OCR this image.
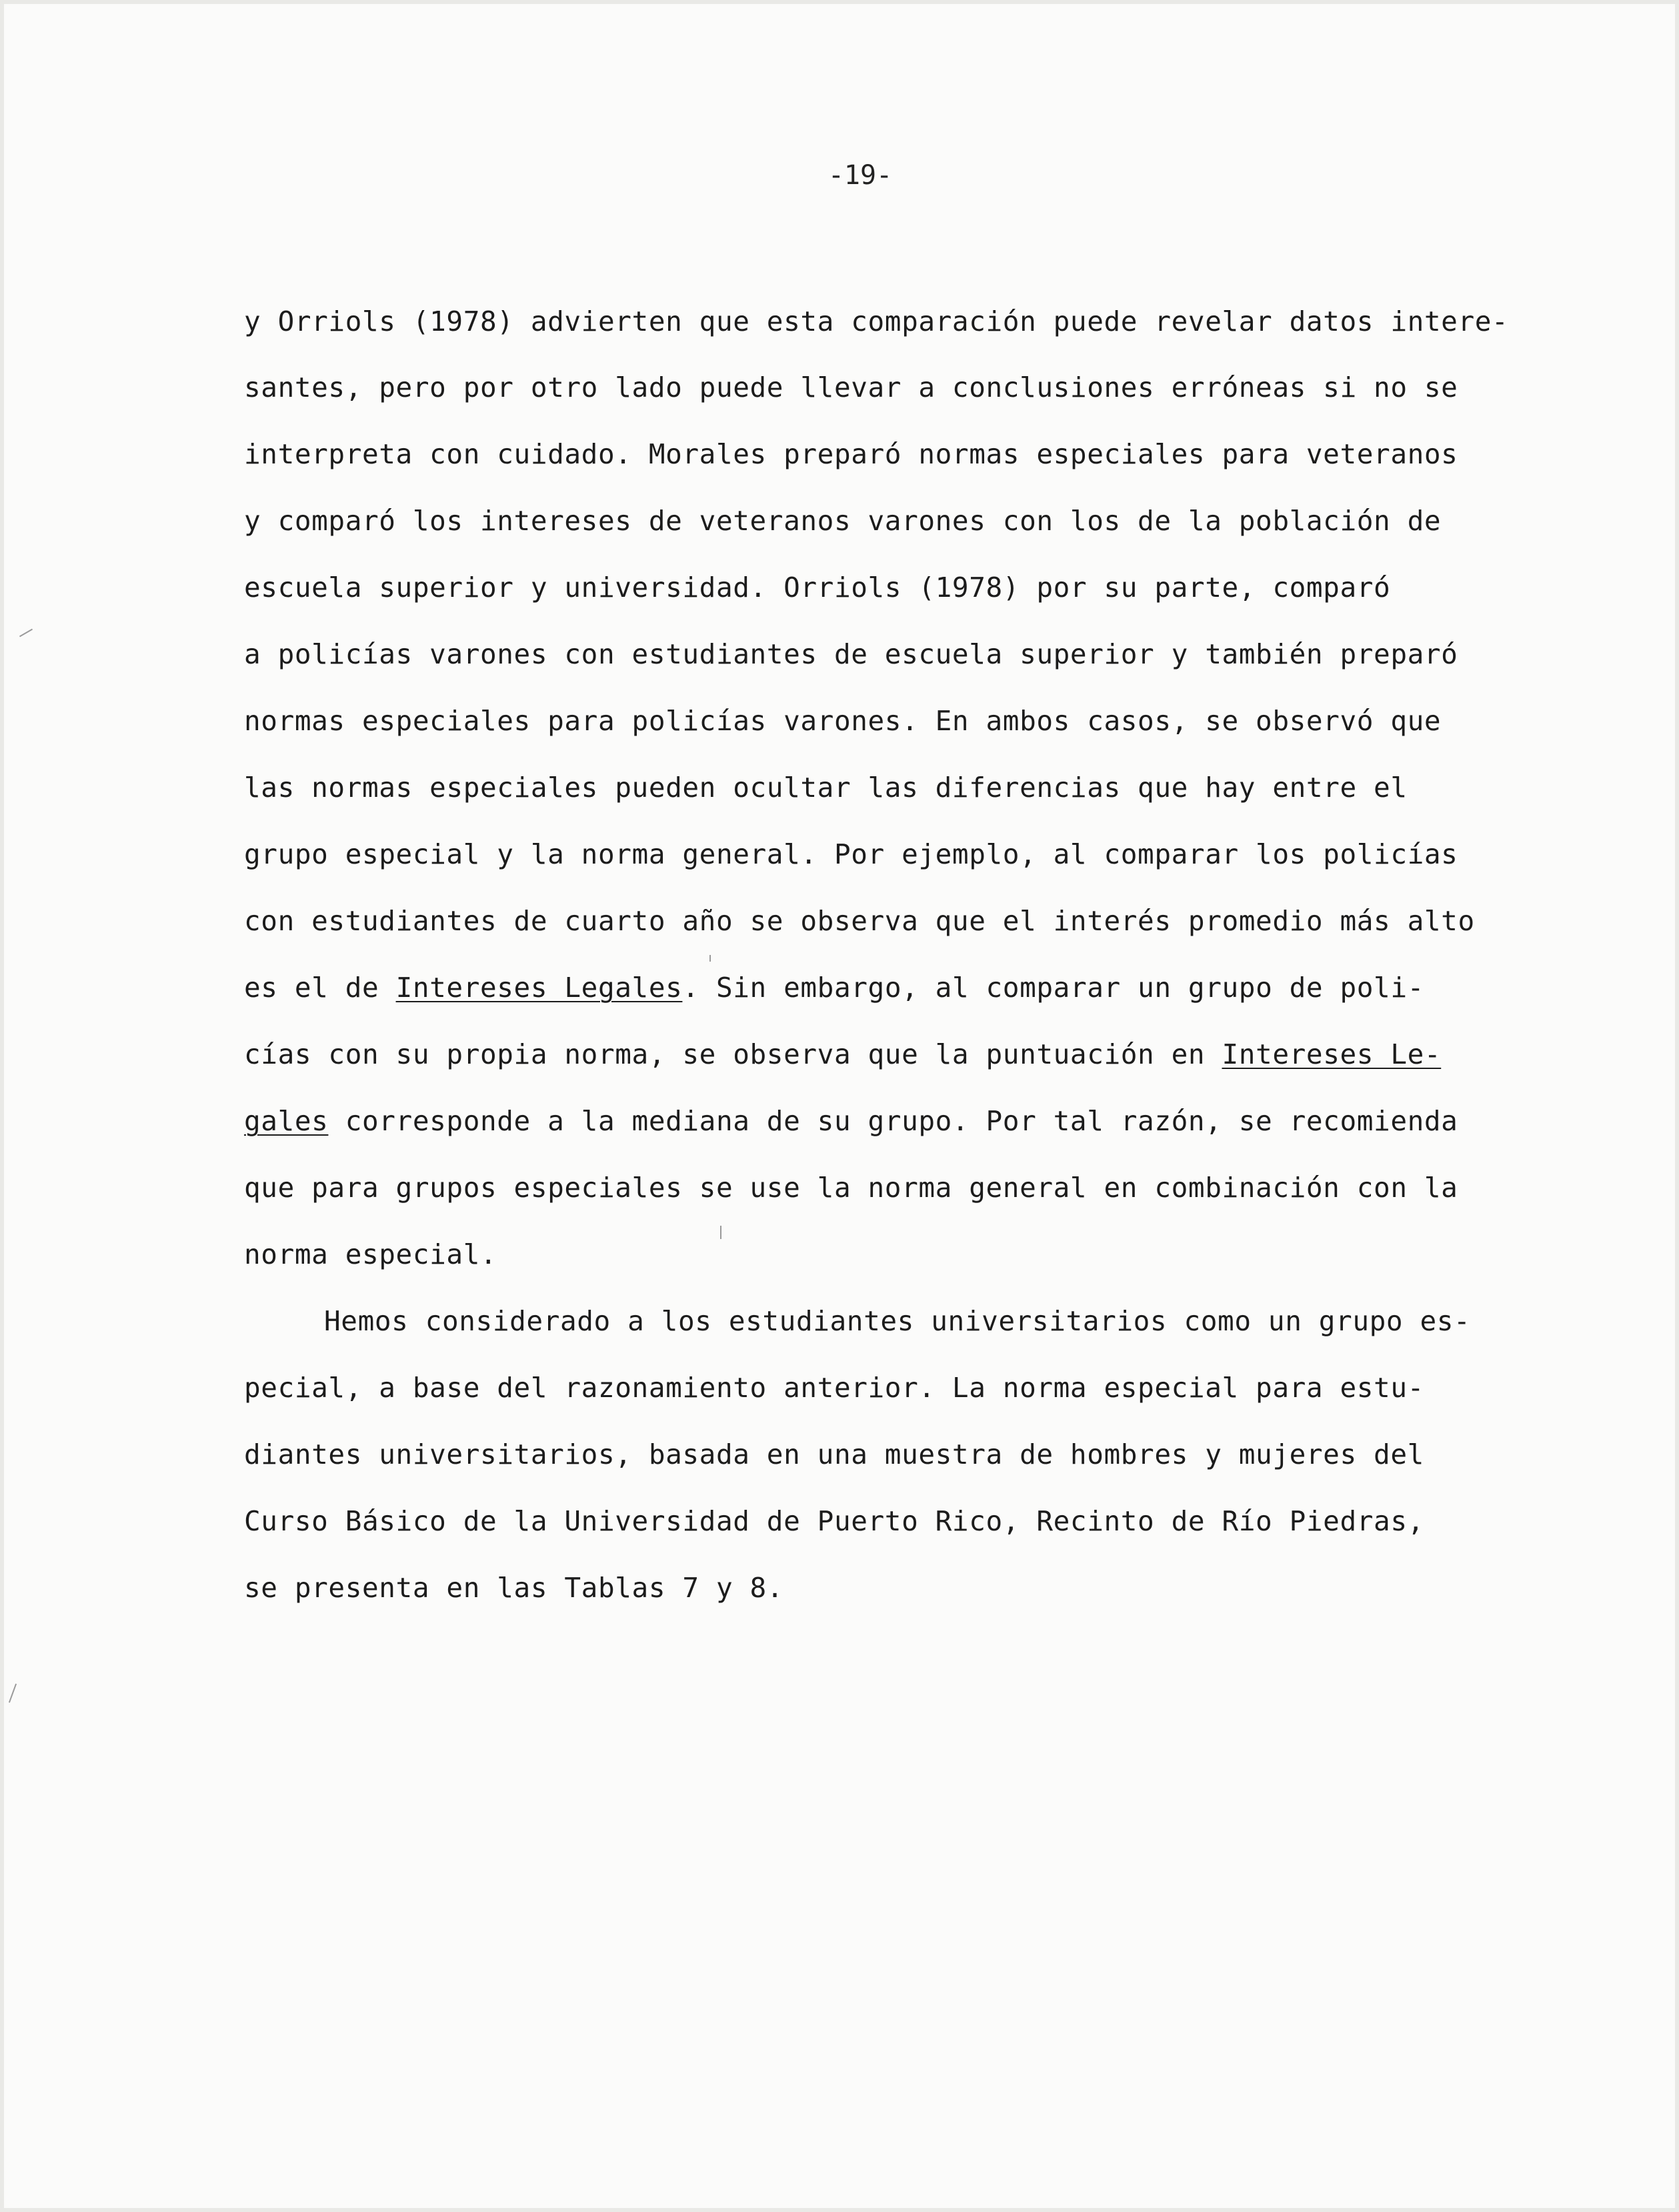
-19-
y Orriols (1978) advierten que esta comparación puede revelar datos intere-
santes, pero por otro lado puede llevar a conclusiones erróneas si no se
interpreta con cuidado. Morales preparó normas especiales para veteranos
y comparó los intereses de veteranos varones con los de la población de
escuela superior y universidad. Orriols (1978) por su parte, comparó
a policías varones con estudiantes de escuela superior y también preparó
normas especiales para policías varones. En ambos casos, se observó que
las normas especiales pueden ocultar las diferencias que hay entre el
grupo especial y la norma general. Por ejemplo, al comparar los policías
con estudiantes de cuarto año se observa que el interés promedio más alto
es el de Intereses Legales. Sin embargo, al comparar un grupo de poli-
cías con su propia norma, se observa que la puntuación en Intereses Le-
gales corresponde a la mediana de su grupo. Por tal razón, se recomienda
que para grupos especiales se use la norma general en combinación con la
norma especial.
Hemos considerado a los estudiantes universitarios como un grupo es-
pecial, a base del razonamiento anterior. La norma especial para estu-
diantes universitarios, basada en una muestra de hombres y mujeres del
Curso Básico de la Universidad de Puerto Rico, Recinto de Río Piedras,
se presenta en las Tablas 7 y 8.
